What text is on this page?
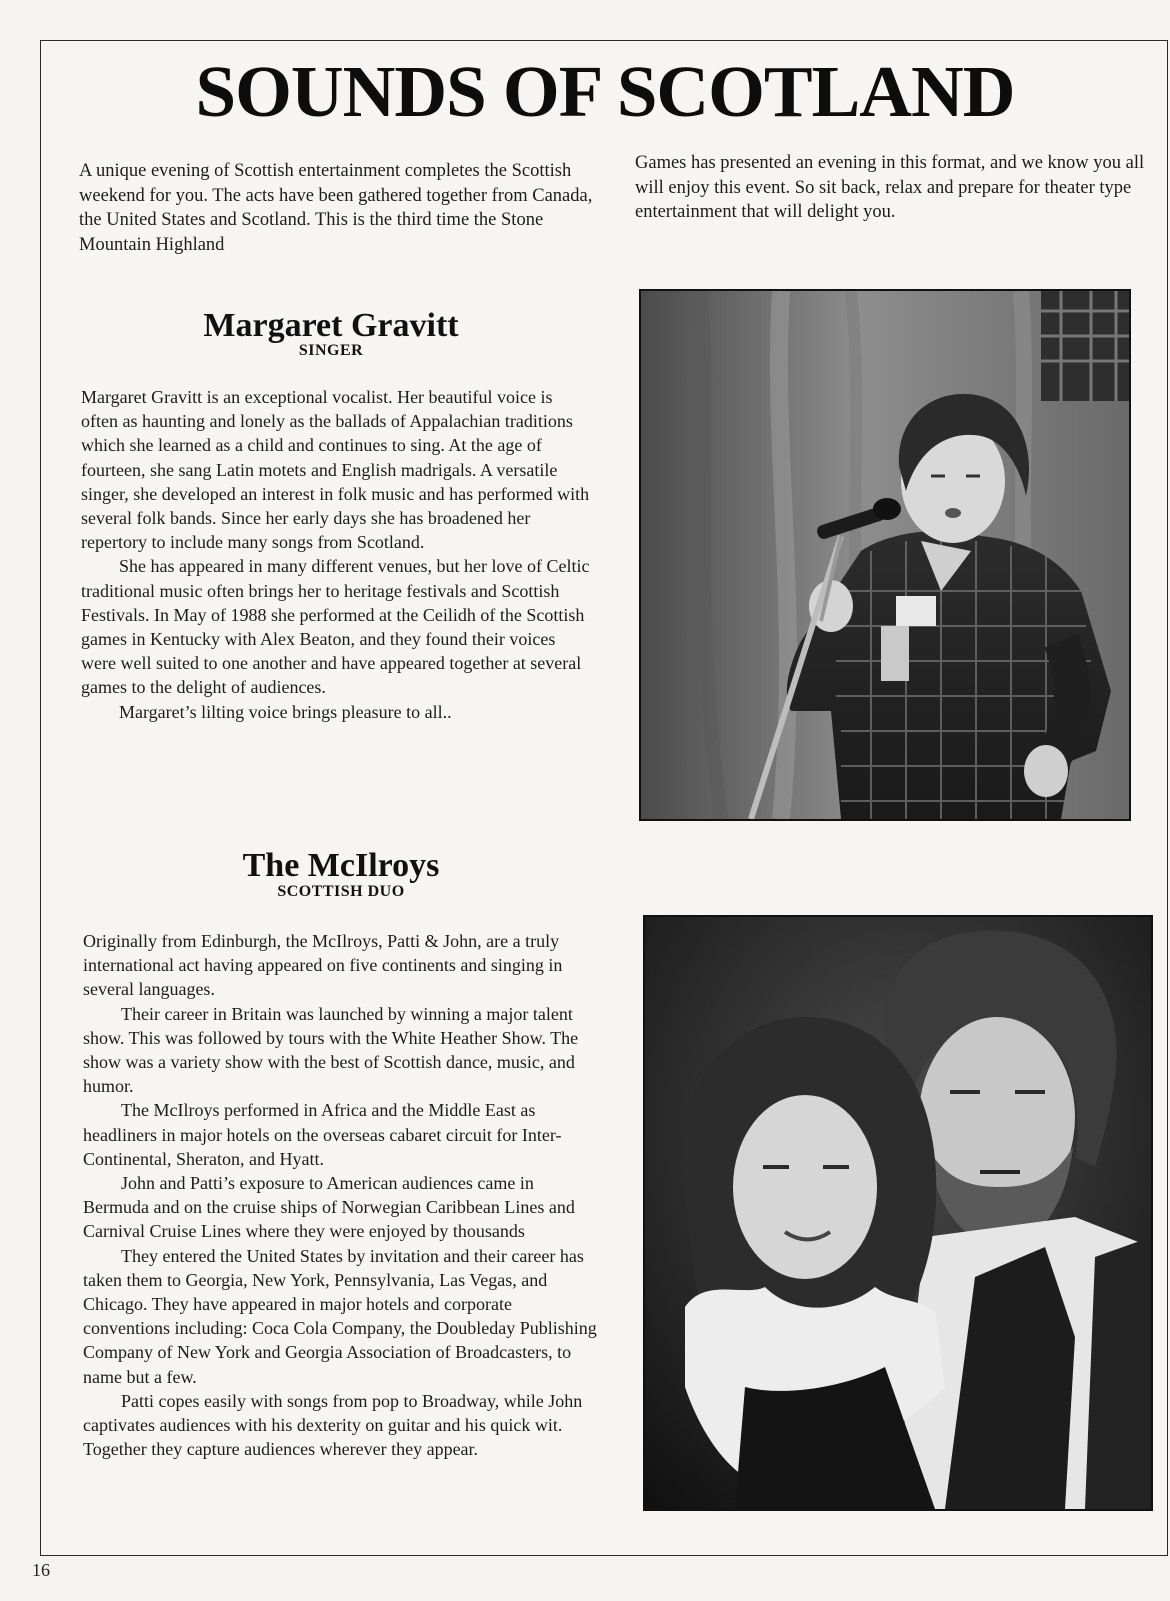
SOUNDS OF SCOTLAND
A unique evening of Scottish entertainment completes the Scottish weekend for you. The acts have been gathered together from Canada, the United States and Scotland. This is the third time the Stone Mountain Highland
Games has presented an evening in this format, and we know you all will enjoy this event. So sit back, relax and prepare for theater type entertainment that will delight you.
Margaret Gravitt
SINGER

Margaret Gravitt is an exceptional vocalist. Her beautiful voice is often as haunting and lonely as the ballads of Appalachian traditions which she learned as a child and continues to sing. At the age of fourteen, she sang Latin motets and English madrigals. A versatile singer, she developed an interest in folk music and has performed with several folk bands. Since her early days she has broadened her repertory to include many songs from Scotland.

She has appeared in many different venues, but her love of Celtic traditional music often brings her to heritage festivals and Scottish Festivals. In May of 1988 she performed at the Ceilidh of the Scottish games in Kentucky with Alex Beaton, and they found their voices were well suited to one another and have appeared together at several games to the delight of audiences.

Margaret’s lilting voice brings pleasure to all..

The McIlroys
SCOTTISH DUO

Originally from Edinburgh, the McIlroys, Patti & John, are a truly international act having appeared on five continents and singing in several languages.

Their career in Britain was launched by winning a major talent show. This was followed by tours with the White Heather Show. The show was a variety show with the best of Scottish dance, music, and humor.

The McIlroys performed in Africa and the Middle East as headliners in major hotels on the overseas cabaret circuit for Inter-Continental, Sheraton, and Hyatt.

John and Patti’s exposure to American audiences came in Bermuda and on the cruise ships of Norwegian Caribbean Lines and Carnival Cruise Lines where they were enjoyed by thousands

They entered the United States by invitation and their career has taken them to Georgia, New York, Pennsylvania, Las Vegas, and Chicago. They have appeared in major hotels and corporate conventions including: Coca Cola Company, the Doubleday Publishing Company of New York and Georgia Association of Broadcasters, to name but a few.

Patti copes easily with songs from pop to Broadway, while John captivates audiences with his dexterity on guitar and his quick wit. Together they capture audiences wherever they appear.

16
